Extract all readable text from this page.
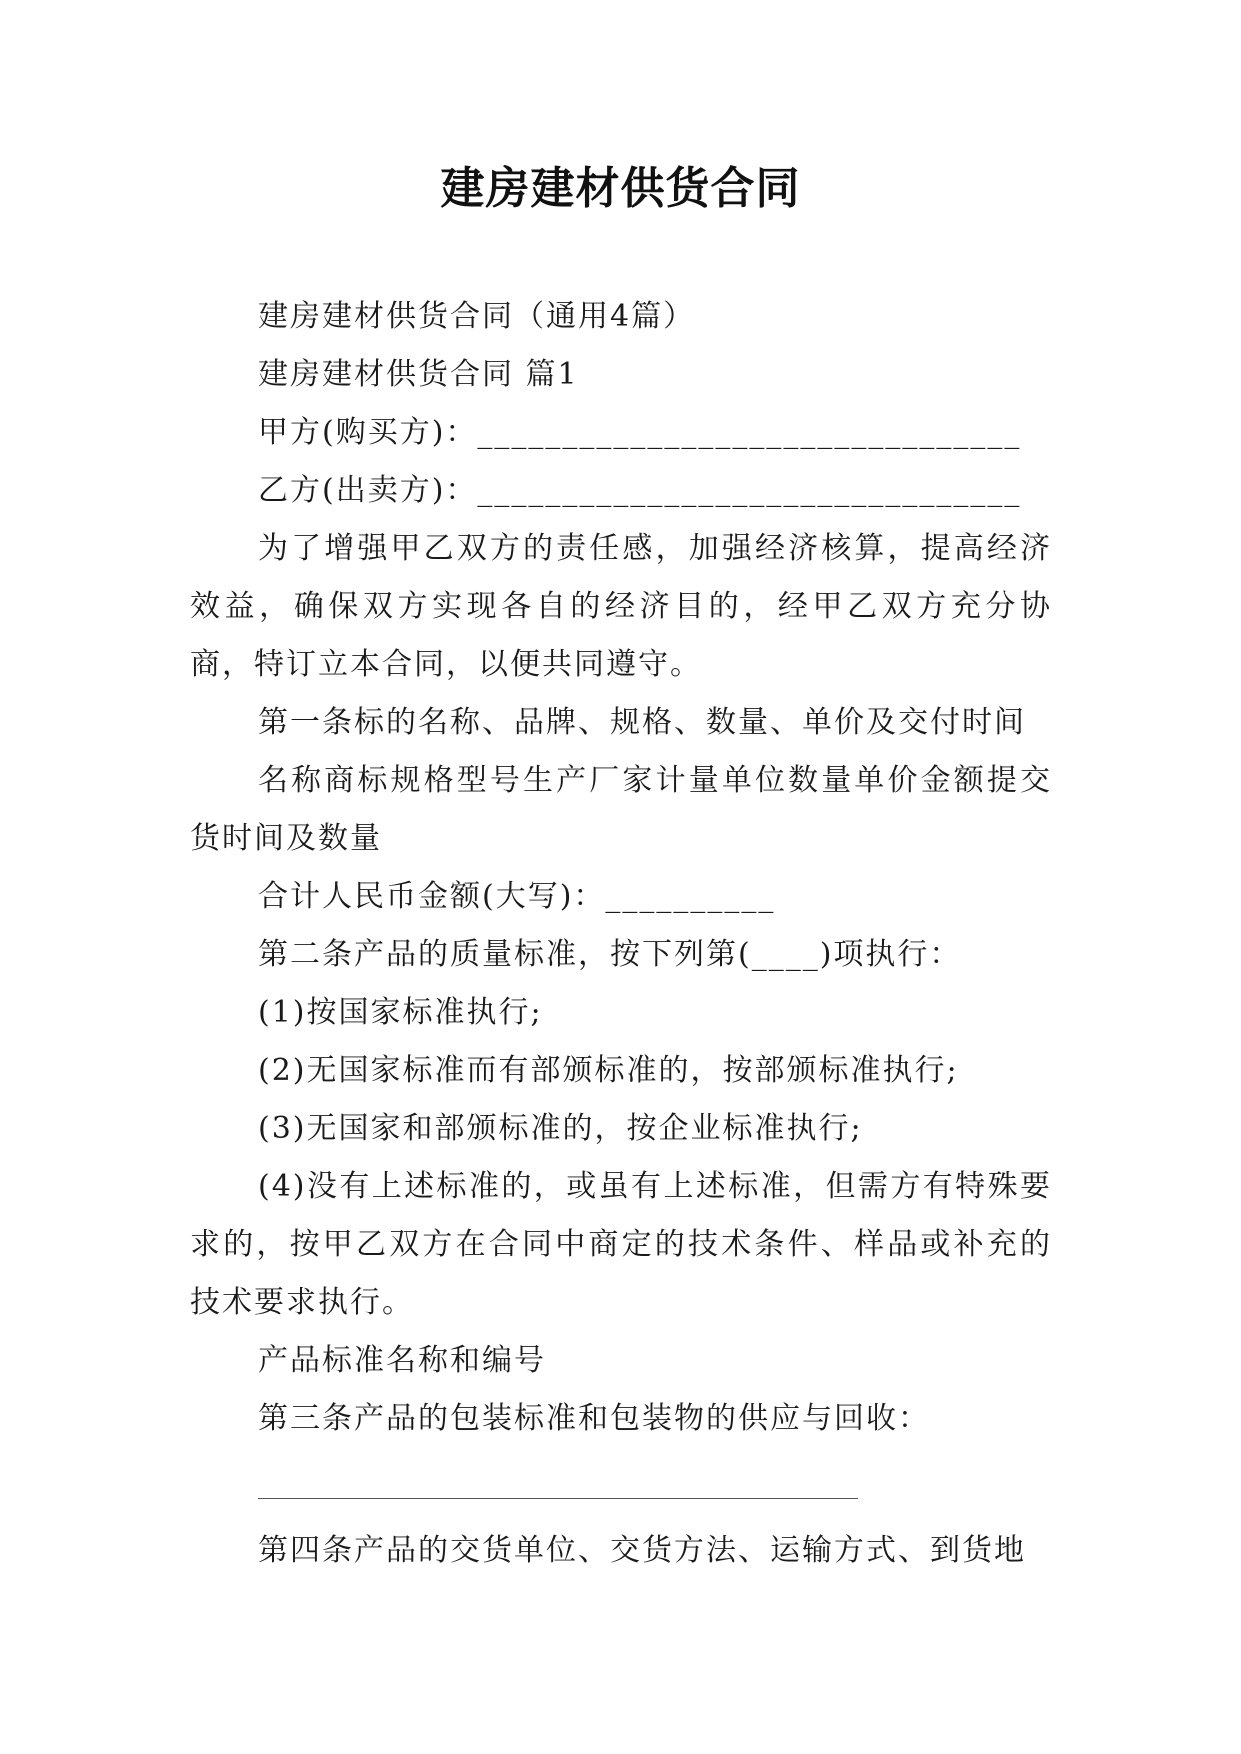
建房建材供货合同

建房建材供货合同（通用4篇）

建房建材供货合同 篇1

甲方(购买方)：________________________________

乙方(出卖方)：________________________________

为了增强甲乙双方的责任感，加强经济核算，提高经济效益，确保双方实现各自的经济目的，经甲乙双方充分协商，特订立本合同，以便共同遵守。

第一条标的名称、品牌、规格、数量、单价及交付时间

名称商标规格型号生产厂家计量单位数量单价金额提交货时间及数量

合计人民币金额(大写)：__________

第二条产品的质量标准，按下列第(____)项执行：

(1)按国家标准执行;

(2)无国家标准而有部颁标准的，按部颁标准执行;

(3)无国家和部颁标准的，按企业标准执行;

(4)没有上述标准的，或虽有上述标准，但需方有特殊要求的，按甲乙双方在合同中商定的技术条件、样品或补充的技术要求执行。

产品标准名称和编号

第三条产品的包装标准和包装物的供应与回收：

第四条产品的交货单位、交货方法、运输方式、到货地
